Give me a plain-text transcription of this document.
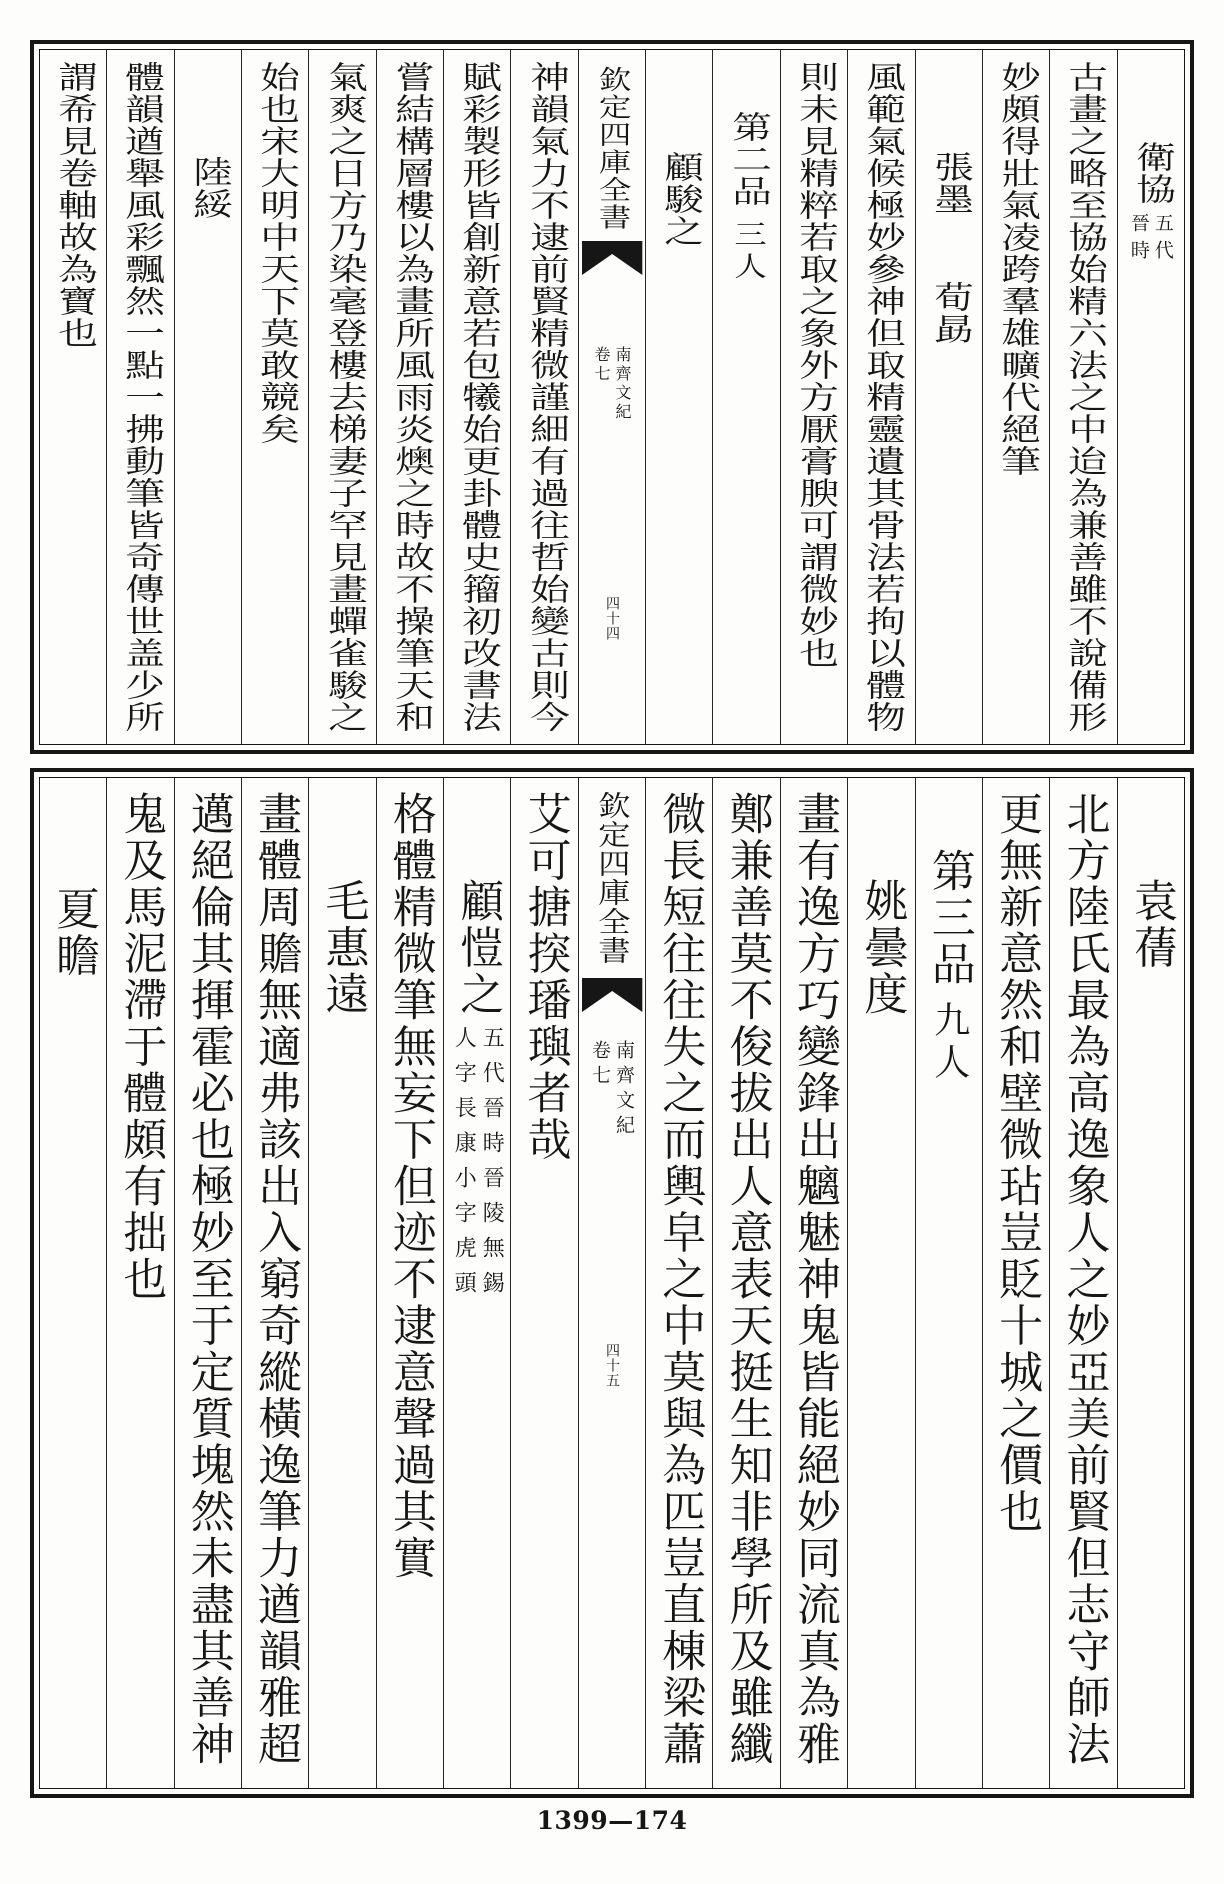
衛協
五代
晉時
古畫之略至協始精六法之中迨為兼善雖不說備形
妙頗得壯氣凌跨羣雄曠代絕筆
張墨
荀勗
風範氣候極妙參神但取精靈遺其骨法若拘以體物
則未見精粹若取之象外方厭膏腴可謂微妙也
第二品
三人
顧駿之
欽定四庫全書
南齊文紀
卷七
四十四
神韻氣力不逮前賢精微謹細有過往哲始變古則今
賦彩製形皆創新意若包犧始更卦體史籀初改書法
嘗結構層樓以為畫所風雨炎燠之時故不操筆天和
氣爽之日方乃染毫登樓去梯妻子罕見畫蟬雀駿之
始也宋大明中天下莫敢競矣
陸綏
體韻遒舉風彩飄然一點一拂動筆皆奇傳世盖少所
謂希見卷軸故為寶也
袁蒨
北方陸氏最為高逸象人之妙亞美前賢但志守師法
更無新意然和壁微玷豈貶十城之價也
第三品
九人
姚曇度
畫有逸方巧變鋒出魑魅神鬼皆能絕妙同流真為雅
鄭兼善莫不俊拔出人意表天挺生知非學所及雖纖
微長短往往失之而輿皁之中莫與為匹豈直棟梁蕭
欽定四庫全書
南齊文紀
卷七
四十五
艾可搪揬璠璵者哉
顧愷之
五代晉時晉陵無錫
人字長康小字虎頭
格體精微筆無妄下但迹不逮意聲過其實
毛惠遠
畫體周贍無適弗該出入窮奇縱橫逸筆力遒韻雅超
邁絕倫其揮霍必也極妙至于定質塊然未盡其善神
鬼及馬泥滯于體頗有拙也
夏瞻
1399—174
